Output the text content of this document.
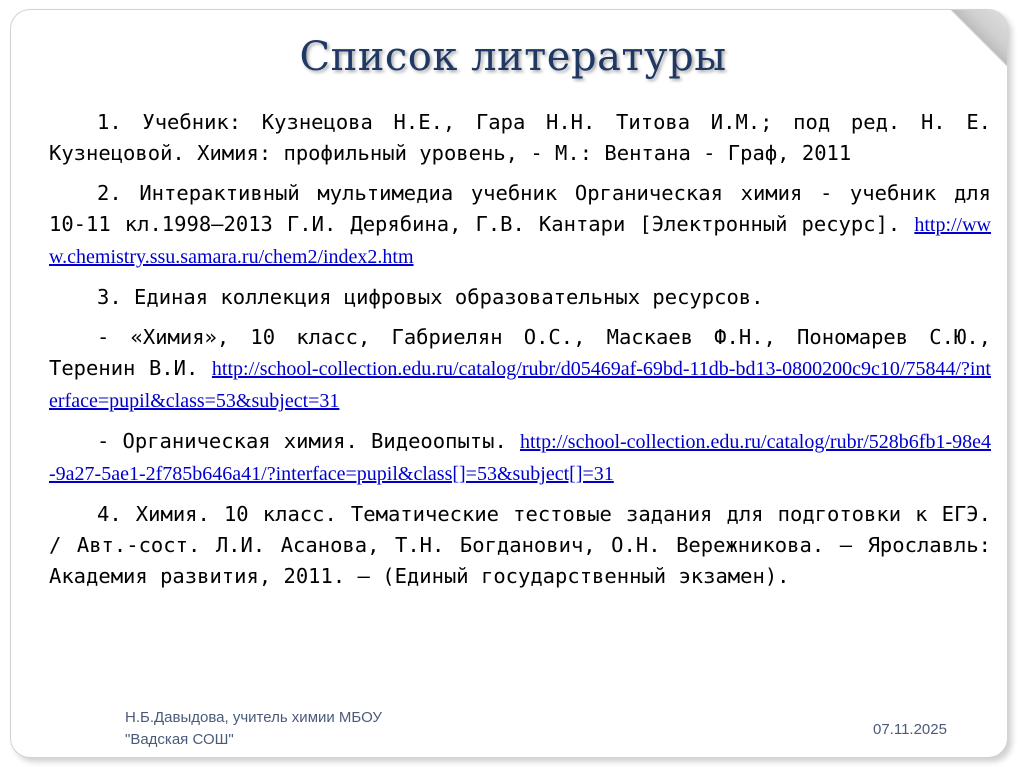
Список литературы

1. Учебник: Кузнецова Н.Е., Гара Н.Н. Титова И.М.; под ред. Н. Е. Кузнецовой. Химия: профильный уровень, - М.: Вентана - Граф, 2011

2. Интерактивный мультимедиа учебник Органическая химия - учебник для 10-11 кл.1998—2013 Г.И. Дерябина, Г.В. Кантари [Электронный ресурс]. http://www.chemistry.ssu.samara.ru/chem2/index2.htm

3. Единая коллекция цифровых образовательных ресурсов.

- «Химия», 10 класс, Габриелян О.С., Маскаев Ф.Н., Пономарев С.Ю., Теренин В.И. http://school-collection.edu.ru/catalog/rubr/d05469af-69bd-11db-bd13-0800200c9c10/75844/?interface=pupil&class=53&subject=31

- Органическая химия. Видеоопыты. http://school-collection.edu.ru/catalog/rubr/528b6fb1-98e4-9a27-5ae1-2f785b646a41/?interface=pupil&class[]=53&subject[]=31

4. Химия. 10 класс. Тематические тестовые задания для подготовки к ЕГЭ. / Авт.-сост. Л.И. Асанова, Т.Н. Богданович, О.Н. Вережникова. – Ярославль: Академия развития, 2011. – (Единый государственный экзамен).

Н.Б.Давыдова, учитель химии МБОУ
"Вадская СОШ"
07.11.2025
